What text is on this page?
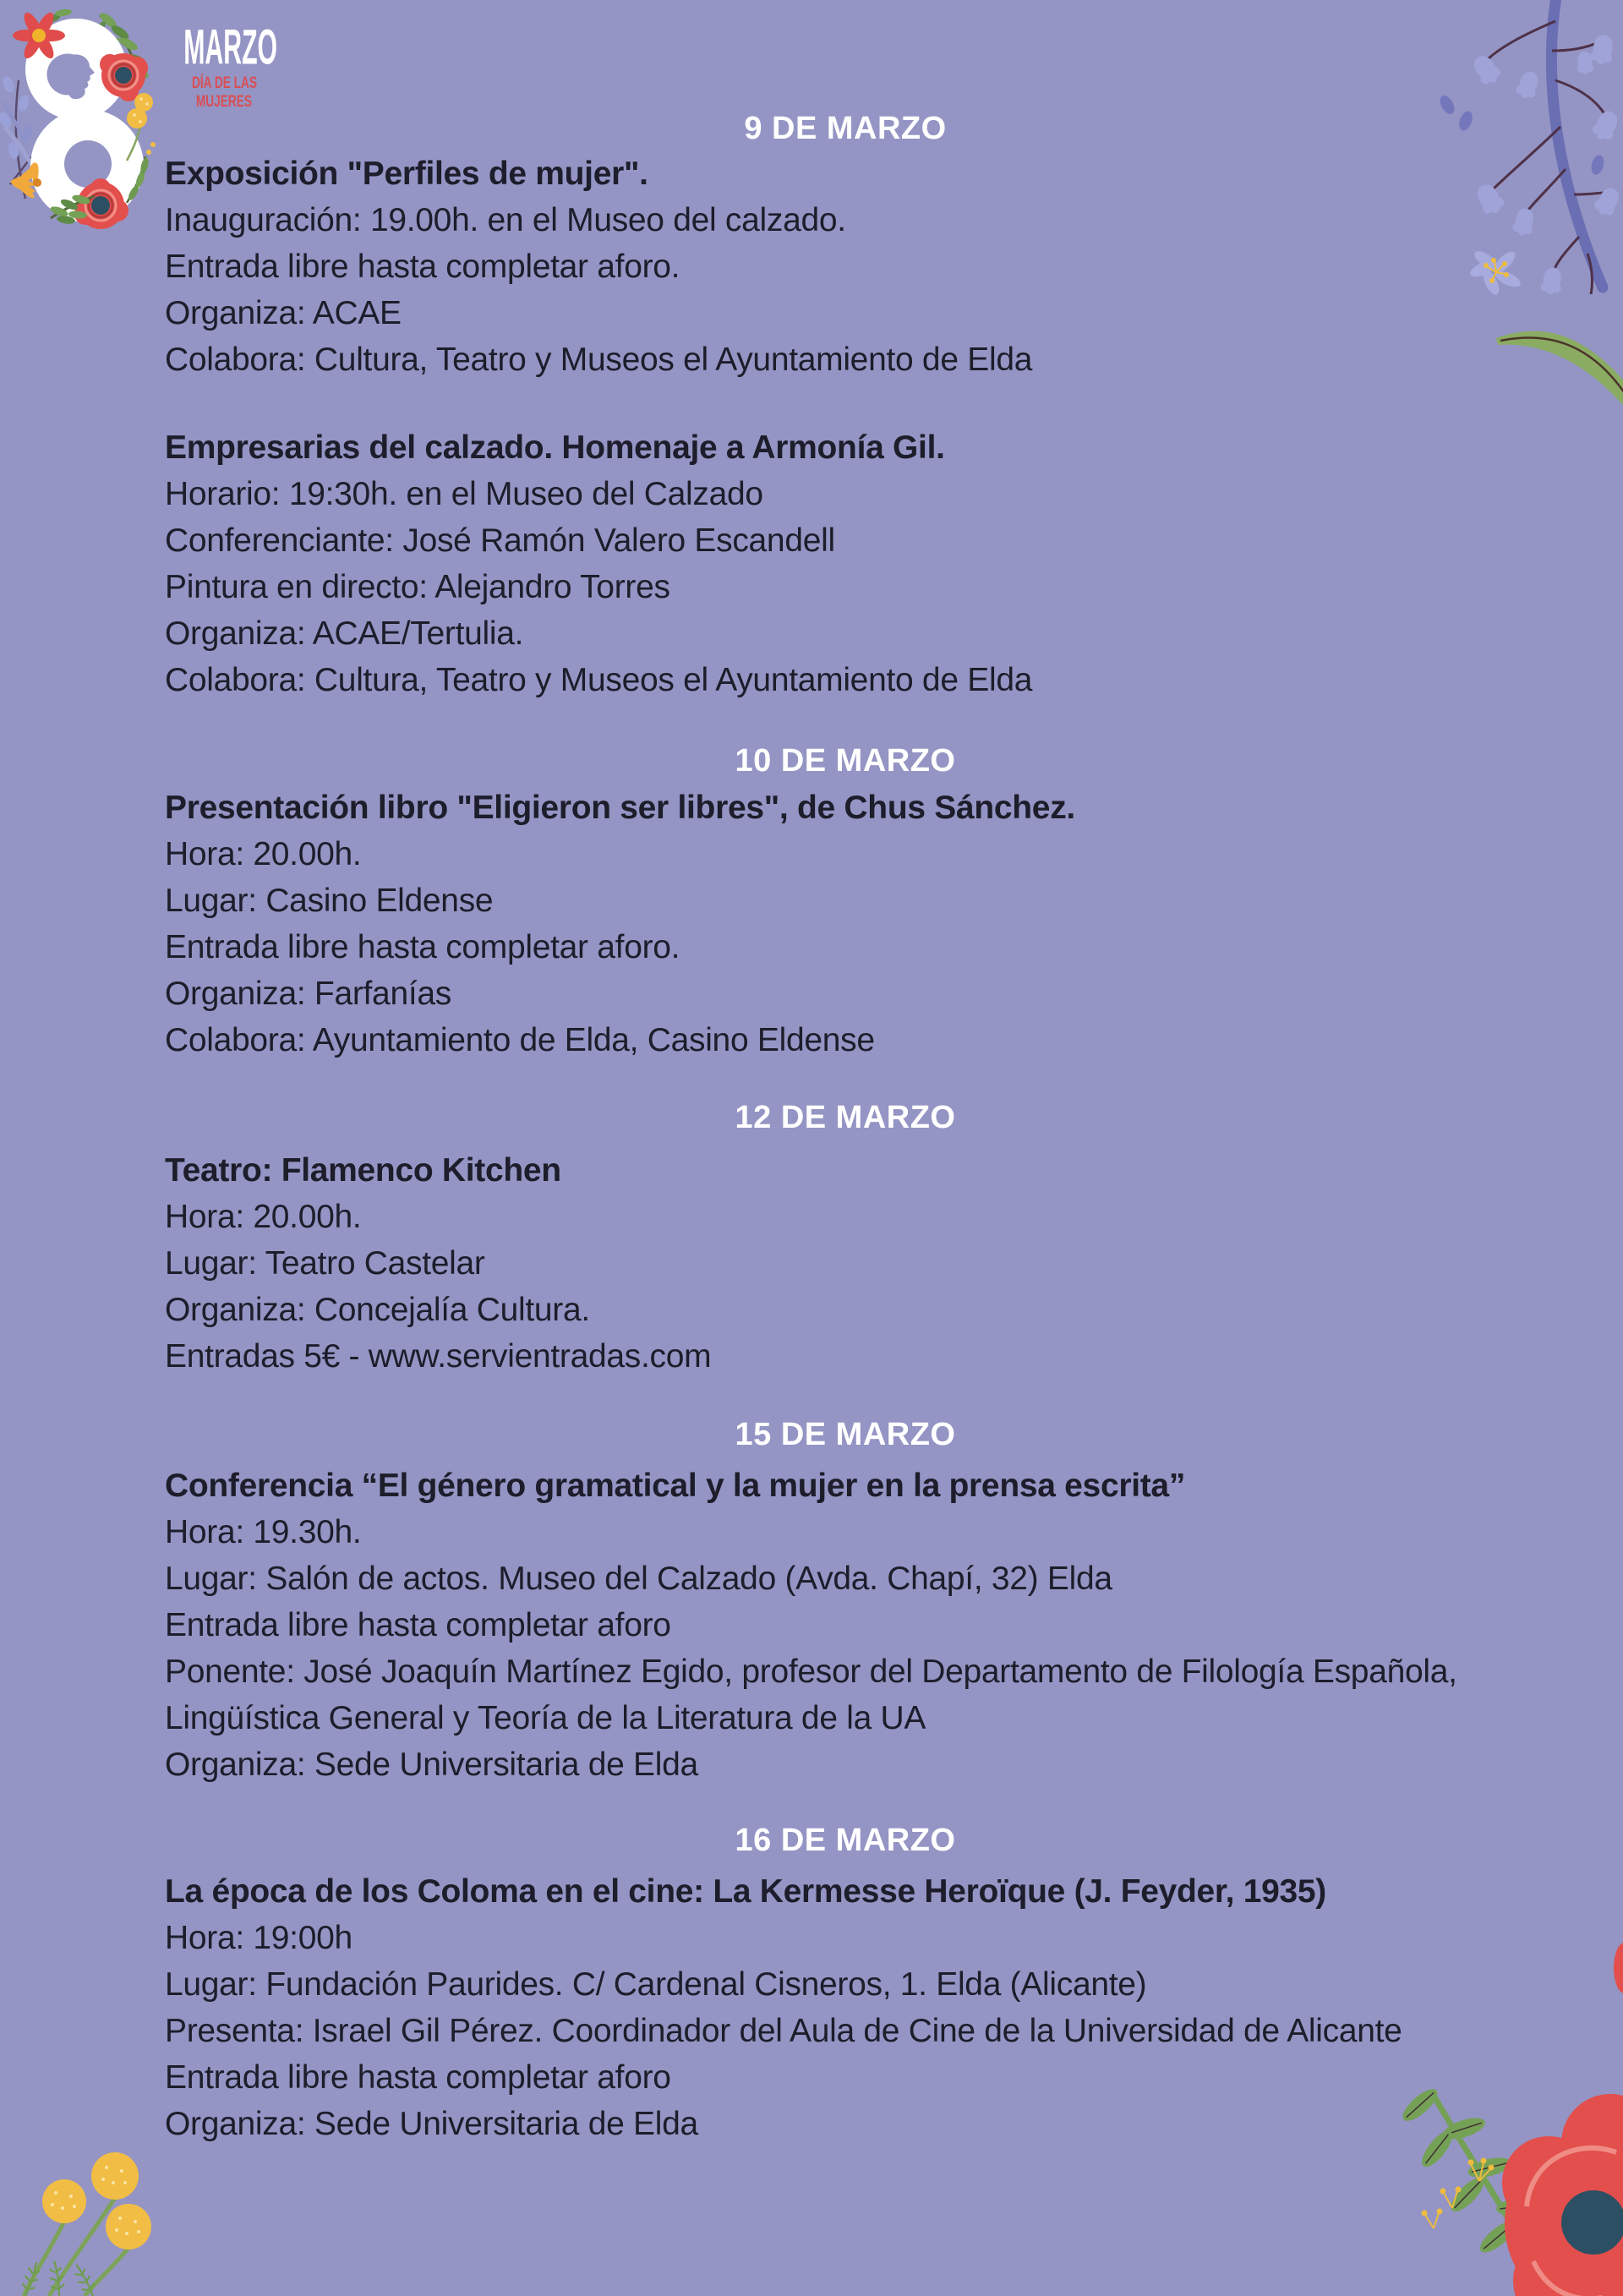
MARZO
DÍA DE LAS
MUJERES
9 DE MARZO
Exposición "Perfiles de mujer".
Inauguración: 19.00h. en el Museo del calzado.
Entrada libre hasta completar aforo.
Organiza: ACAE
Colabora: Cultura, Teatro y Museos el Ayuntamiento de Elda
Empresarias del calzado. Homenaje a Armonía Gil.
Horario: 19:30h. en el Museo del Calzado
Conferenciante: José Ramón Valero Escandell
Pintura en directo: Alejandro Torres
Organiza: ACAE/Tertulia.
Colabora: Cultura, Teatro y Museos el Ayuntamiento de Elda
10 DE MARZO
Presentación libro "Eligieron ser libres", de Chus Sánchez.
Hora: 20.00h.
Lugar: Casino Eldense
Entrada libre hasta completar aforo.
Organiza: Farfanías
Colabora: Ayuntamiento de Elda, Casino Eldense
12 DE MARZO
Teatro: Flamenco Kitchen
Hora: 20.00h.
Lugar: Teatro Castelar
Organiza: Concejalía Cultura.
Entradas 5€ - www.servientradas.com
15 DE MARZO
Conferencia “El género gramatical y la mujer en la prensa escrita”
Hora: 19.30h.
Lugar: Salón de actos. Museo del Calzado (Avda. Chapí, 32) Elda
Entrada libre hasta completar aforo
Ponente: José Joaquín Martínez Egido, profesor del Departamento de Filología Española,
Lingüística General y Teoría de la Literatura de la UA
Organiza: Sede Universitaria de Elda
16 DE MARZO
La época de los Coloma en el cine: La Kermesse Heroïque (J. Feyder, 1935)
Hora: 19:00h
Lugar: Fundación Paurides. C/ Cardenal Cisneros, 1. Elda (Alicante)
Presenta: Israel Gil Pérez. Coordinador del Aula de Cine de la Universidad de Alicante
Entrada libre hasta completar aforo
Organiza: Sede Universitaria de Elda
